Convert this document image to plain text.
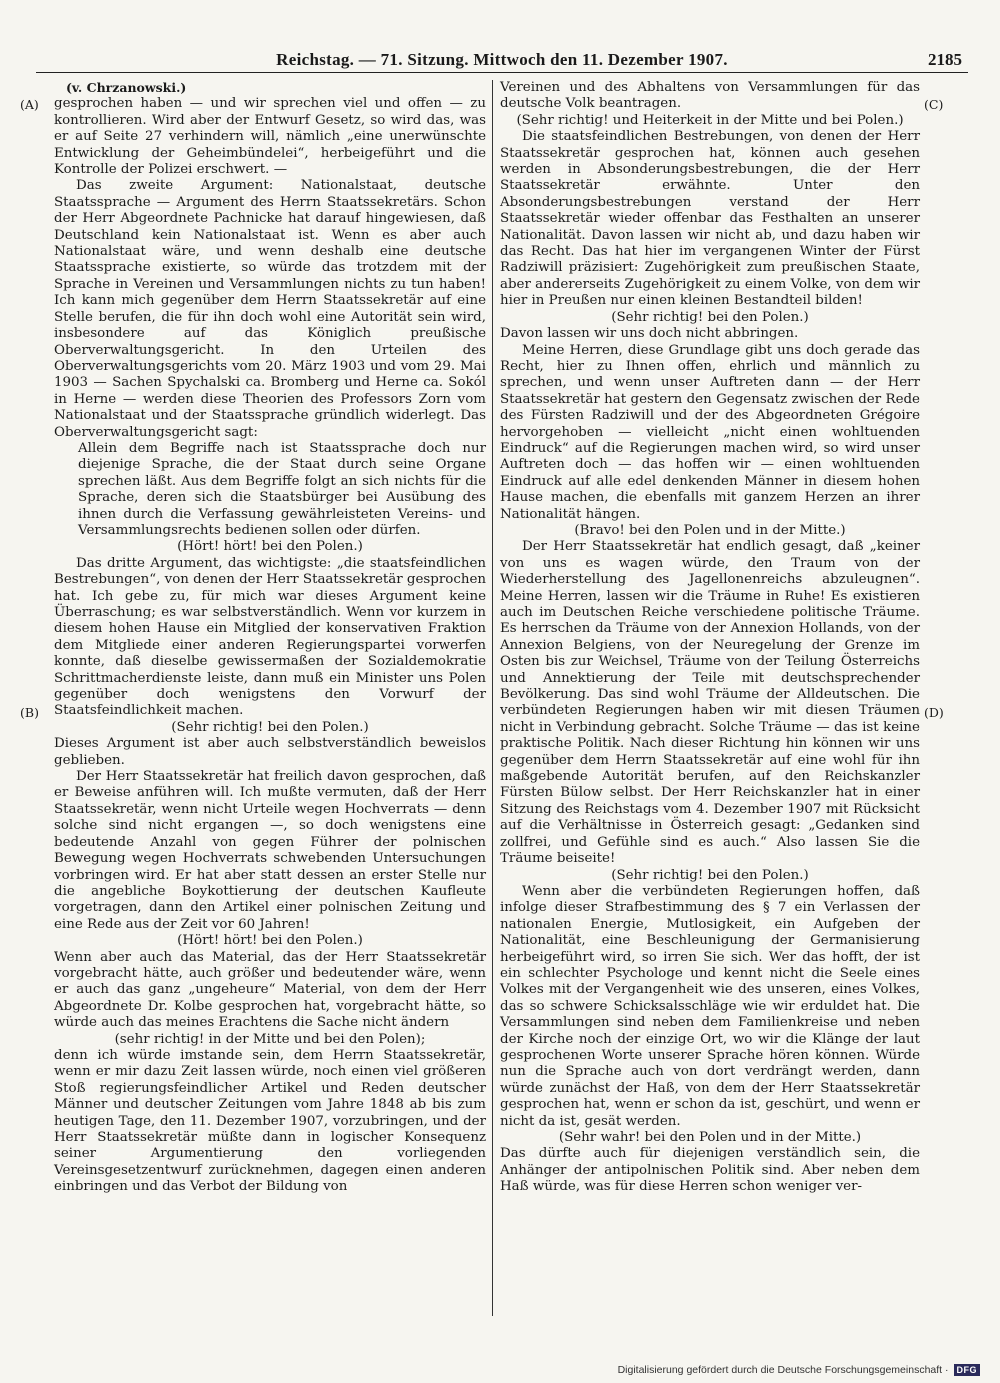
Reichstag. — 71. Sitzung. Mittwoch den 11. Dezember 1907.	2185
(A)
(B)
(C)
(D)

(v. Chrzanowski.)

gesprochen haben — und wir sprechen viel und offen — zu kontrollieren. Wird aber der Entwurf Gesetz, so wird das, was er auf Seite 27 verhindern will, nämlich „eine unerwünschte Entwicklung der Geheimbündelei“, herbeigeführt und die Kontrolle der Polizei erschwert. —

Das zweite Argument: Nationalstaat, deutsche Staatssprache — Argument des Herrn Staatssekretärs. Schon der Herr Abgeordnete Pachnicke hat darauf hingewiesen, daß Deutschland kein Nationalstaat ist. Wenn es aber auch Nationalstaat wäre, und wenn deshalb eine deutsche Staatssprache existierte, so würde das trotzdem mit der Sprache in Vereinen und Versammlungen nichts zu tun haben! Ich kann mich gegenüber dem Herrn Staatssekretär auf eine Stelle berufen, die für ihn doch wohl eine Autorität sein wird, insbesondere auf das Königlich preußische Oberverwaltungsgericht. In den Urteilen des Oberverwaltungsgerichts vom 20. März 1903 und vom 29. Mai 1903 — Sachen Spychalski ca. Bromberg und Herne ca. Sokól in Herne — werden diese Theorien des Professors Zorn vom Nationalstaat und der Staatssprache gründlich widerlegt. Das Oberverwaltungsgericht sagt:

Allein dem Begriffe nach ist Staatssprache doch nur diejenige Sprache, die der Staat durch seine Organe sprechen läßt. Aus dem Begriffe folgt an sich nichts für die Sprache, deren sich die Staatsbürger bei Ausübung des ihnen durch die Verfassung gewährleisteten Vereins- und Versammlungsrechts bedienen sollen oder dürfen.

(Hört! hört! bei den Polen.)

Das dritte Argument, das wichtigste: „die staatsfeindlichen Bestrebungen“, von denen der Herr Staatssekretär gesprochen hat. Ich gebe zu, für mich war dieses Argument keine Überraschung; es war selbstverständlich. Wenn vor kurzem in diesem hohen Hause ein Mitglied der konservativen Fraktion dem Mitgliede einer anderen Regierungspartei vorwerfen konnte, daß dieselbe gewissermaßen der Sozialdemokratie Schrittmacherdienste leiste, dann muß ein Minister uns Polen gegenüber doch wenigstens den Vorwurf der Staatsfeindlichkeit machen.

(Sehr richtig! bei den Polen.)

Dieses Argument ist aber auch selbstverständlich beweislos geblieben.

Der Herr Staatssekretär hat freilich davon gesprochen, daß er Beweise anführen will. Ich mußte vermuten, daß der Herr Staatssekretär, wenn nicht Urteile wegen Hochverrats — denn solche sind nicht ergangen —, so doch wenigstens eine bedeutende Anzahl von gegen Führer der polnischen Bewegung wegen Hochverrats schwebenden Untersuchungen vorbringen wird. Er hat aber statt dessen an erster Stelle nur die angebliche Boykottierung der deutschen Kaufleute vorgetragen, dann den Artikel einer polnischen Zeitung und eine Rede aus der Zeit vor 60 Jahren!

(Hört! hört! bei den Polen.)

Wenn aber auch das Material, das der Herr Staatssekretär vorgebracht hätte, auch größer und bedeutender wäre, wenn er auch das ganz „ungeheure“ Material, von dem der Herr Abgeordnete Dr. Kolbe gesprochen hat, vorgebracht hätte, so würde auch das meines Erachtens die Sache nicht ändern

(sehr richtig! in der Mitte und bei den Polen);

denn ich würde imstande sein, dem Herrn Staatssekretär, wenn er mir dazu Zeit lassen würde, noch einen viel größeren Stoß regierungsfeindlicher Artikel und Reden deutscher Männer und deutscher Zeitungen vom Jahre 1848 ab bis zum heutigen Tage, den 11. Dezember 1907, vorzubringen, und der Herr Staatssekretär müßte dann in logischer Konsequenz seiner Argumentierung den vorliegenden Vereinsgesetzentwurf zurücknehmen, dagegen einen anderen einbringen und das Verbot der Bildung von

Vereinen und des Abhaltens von Versammlungen für das deutsche Volk beantragen.

(Sehr richtig! und Heiterkeit in der Mitte und bei Polen.)

Die staatsfeindlichen Bestrebungen, von denen der Herr Staatssekretär gesprochen hat, können auch gesehen werden in Absonderungsbestrebungen, die der Herr Staatssekretär erwähnte. Unter den Absonderungsbestrebungen verstand der Herr Staatssekretär wieder offenbar das Festhalten an unserer Nationalität. Davon lassen wir nicht ab, und dazu haben wir das Recht. Das hat hier im vergangenen Winter der Fürst Radziwill präzisiert: Zugehörigkeit zum preußischen Staate, aber andererseits Zugehörigkeit zu einem Volke, von dem wir hier in Preußen nur einen kleinen Bestandteil bilden!

(Sehr richtig! bei den Polen.)

Davon lassen wir uns doch nicht abbringen.

Meine Herren, diese Grundlage gibt uns doch gerade das Recht, hier zu Ihnen offen, ehrlich und männlich zu sprechen, und wenn unser Auftreten dann — der Herr Staatssekretär hat gestern den Gegensatz zwischen der Rede des Fürsten Radziwill und der des Abgeordneten Grégoire hervorgehoben — vielleicht „nicht einen wohltuenden Eindruck“ auf die Regierungen machen wird, so wird unser Auftreten doch — das hoffen wir — einen wohltuenden Eindruck auf alle edel denkenden Männer in diesem hohen Hause machen, die ebenfalls mit ganzem Herzen an ihrer Nationalität hängen.

(Bravo! bei den Polen und in der Mitte.)

Der Herr Staatssekretär hat endlich gesagt, daß „keiner von uns es wagen würde, den Traum von der Wiederherstellung des Jagellonenreichs abzuleugnen“. Meine Herren, lassen wir die Träume in Ruhe! Es existieren auch im Deutschen Reiche verschiedene politische Träume. Es herrschen da Träume von der Annexion Hollands, von der Annexion Belgiens, von der Neuregelung der Grenze im Osten bis zur Weichsel, Träume von der Teilung Österreichs und Annektierung der Teile mit deutschsprechender Bevölkerung. Das sind wohl Träume der Alldeutschen. Die verbündeten Regierungen haben wir mit diesen Träumen nicht in Verbindung gebracht. Solche Träume — das ist keine praktische Politik. Nach dieser Richtung hin können wir uns gegenüber dem Herrn Staatssekretär auf eine wohl für ihn maßgebende Autorität berufen, auf den Reichskanzler Fürsten Bülow selbst. Der Herr Reichskanzler hat in einer Sitzung des Reichstags vom 4. Dezember 1907 mit Rücksicht auf die Verhältnisse in Österreich gesagt: „Gedanken sind zollfrei, und Gefühle sind es auch.“ Also lassen Sie die Träume beiseite!

(Sehr richtig! bei den Polen.)

Wenn aber die verbündeten Regierungen hoffen, daß infolge dieser Strafbestimmung des § 7 ein Verlassen der nationalen Energie, Mutlosigkeit, ein Aufgeben der Nationalität, eine Beschleunigung der Germanisierung herbeigeführt wird, so irren Sie sich. Wer das hofft, der ist ein schlechter Psychologe und kennt nicht die Seele eines Volkes mit der Vergangenheit wie des unseren, eines Volkes, das so schwere Schicksalsschläge wie wir erduldet hat. Die Versammlungen sind neben dem Familienkreise und neben der Kirche noch der einzige Ort, wo wir die Klänge der laut gesprochenen Worte unserer Sprache hören können. Würde nun die Sprache auch von dort verdrängt werden, dann würde zunächst der Haß, von dem der Herr Staatssekretär gesprochen hat, wenn er schon da ist, geschürt, und wenn er nicht da ist, gesät werden.

(Sehr wahr! bei den Polen und in der Mitte.)

Das dürfte auch für diejenigen verständlich sein, die Anhänger der antipolnischen Politik sind. Aber neben dem Haß würde, was für diese Herren schon weniger ver-

Digitalisierung gefördert durch die Deutsche Forschungsgemeinschaft · DFG
